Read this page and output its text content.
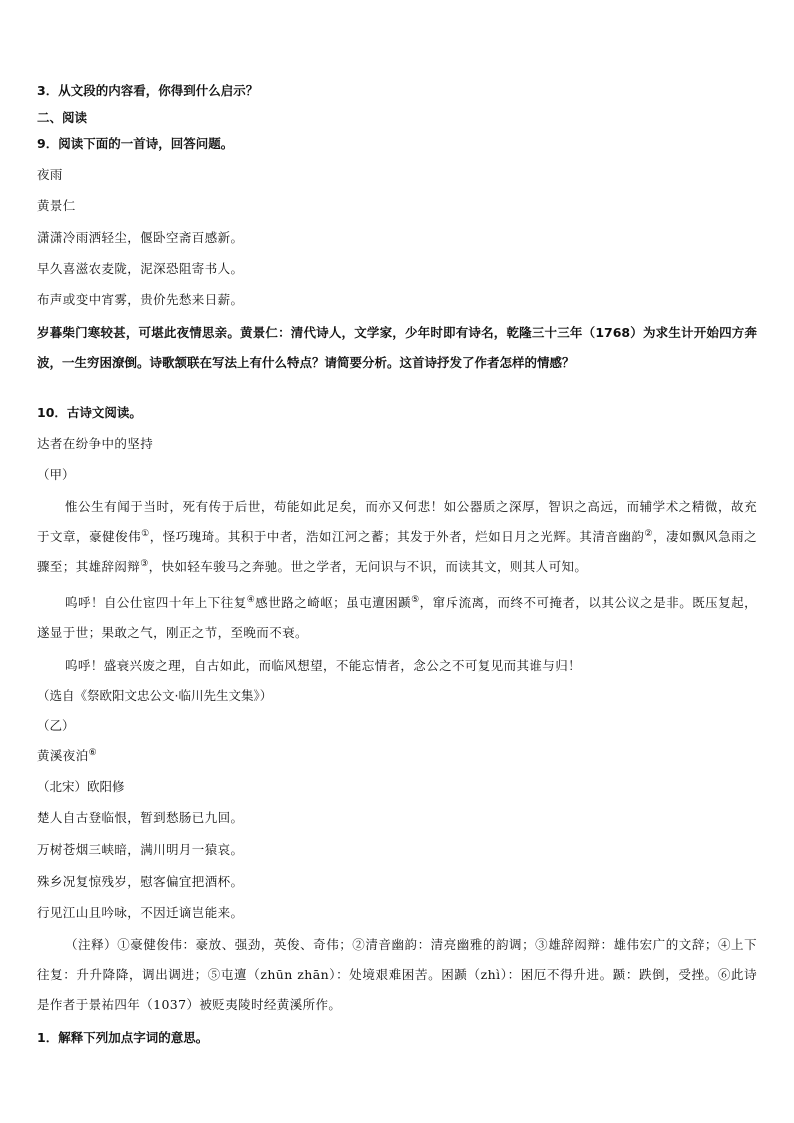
3．从文段的内容看，你得到什么启示？
二、阅读
9．阅读下面的一首诗，回答问题。
夜雨
黄景仁
潇潇冷雨洒轻尘，偃卧空斋百感新。
早久喜滋农麦陇，泥深恐阻寄书人。
布声或变中宵雾，贵价先愁来日薪。
岁暮柴门寒较甚，可堪此夜情思亲。黄景仁：清代诗人，文学家，少年时即有诗名，乾隆三十三年（1768）为求生计开始四方奔波，一生穷困潦倒。诗歌颔联在写法上有什么特点？请简要分析。这首诗抒发了作者怎样的情感？
10．古诗文阅读。
达者在纷争中的坚持
（甲）
惟公生有闻于当时，死有传于后世，苟能如此足矣，而亦又何悲！如公器质之深厚，智识之高远，而辅学术之精微，故充于文章，豪健俊伟①，怪巧瑰琦。其积于中者，浩如江河之蓄；其发于外者，烂如日月之光辉。其清音幽韵②，凄如飘风急雨之骤至；其雄辞闳辩③，快如轻车骏马之奔驰。世之学者，无问识与不识，而读其文，则其人可知。
呜呼！自公仕宦四十年上下往复④感世路之崎岖；虽屯邅困踬⑤，窜斥流离，而终不可掩者，以其公议之是非。既压复起，遂显于世；果敢之气，刚正之节，至晚而不衰。
呜呼！盛衰兴废之理，自古如此，而临风想望，不能忘情者，念公之不可复见而其谁与归！
（选自《祭欧阳文忠公文·临川先生文集》）
（乙）
黄溪夜泊⑥
（北宋）欧阳修
楚人自古登临恨，暂到愁肠已九回。
万树苍烟三峡暗，满川明月一猿哀。
殊乡况复惊残岁，慰客偏宜把酒杯。
行见江山且吟咏，不因迁谪岂能来。
（注释）①豪健俊伟：豪放、强劲，英俊、奇伟；②清音幽韵：清亮幽雅的韵调；③雄辞闳辩：雄伟宏广的文辞；④上下往复：升升降降，调出调进；⑤屯邅（zhūn zhān）：处境艰难困苦。困踬（zhì）：困厄不得升进。踬：跌倒，受挫。⑥此诗是作者于景祐四年（1037）被贬夷陵时经黄溪所作。
1．解释下列加点字词的意思。
